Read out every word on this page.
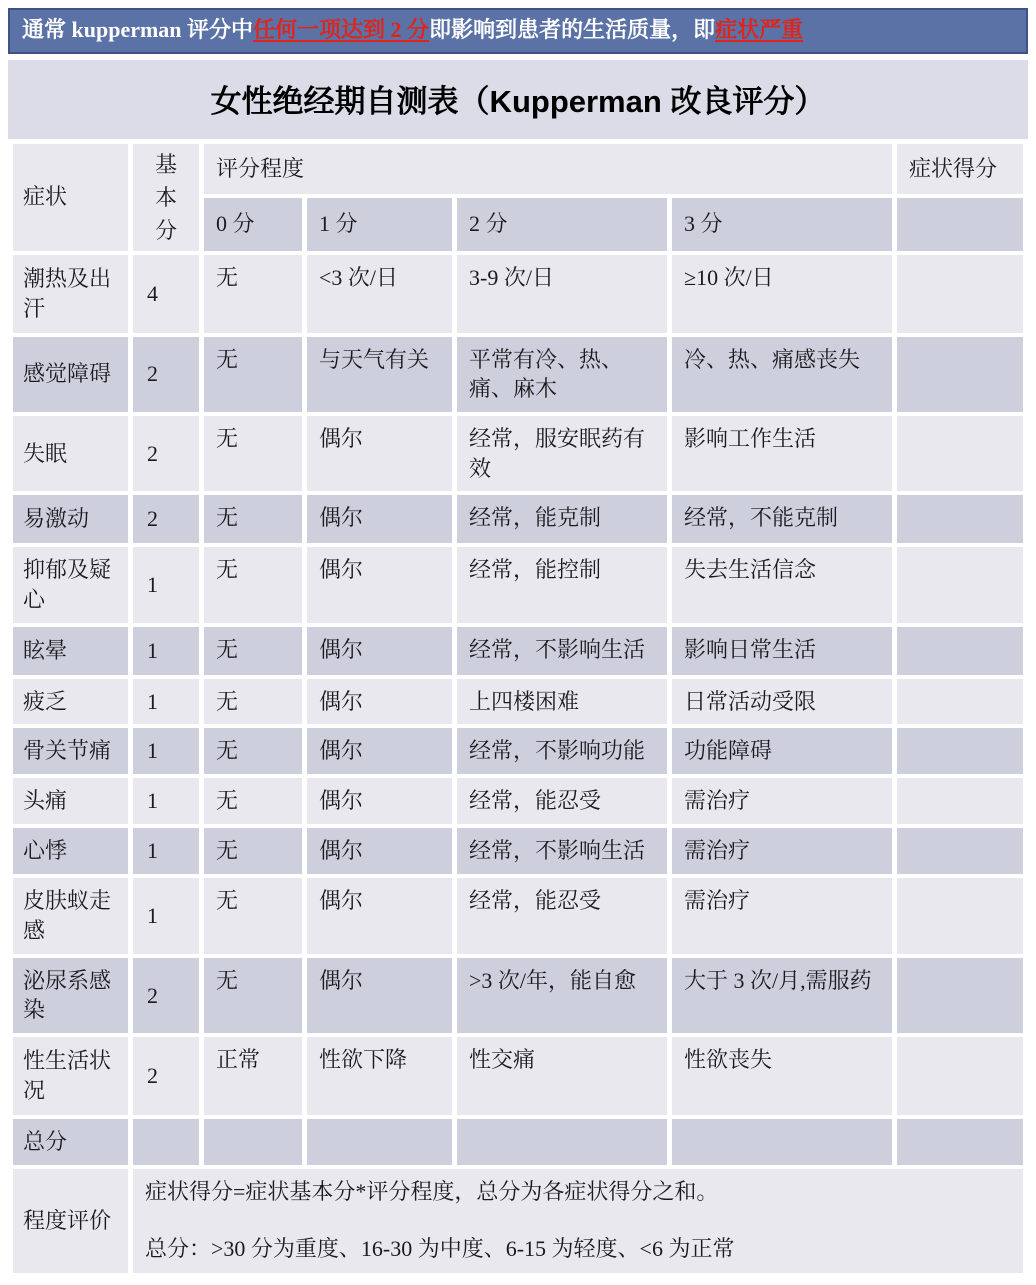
通常 kupperman 评分中任何一项达到 2 分即影响到患者的生活质量，即症状严重
女性绝经期自测表（Kupperman 改良评分）
症状	基本分	评分程度				症状得分
		0 分	1 分	2 分	3 分	
潮热及出汗	4	无	<3 次/日	3-9 次/日	≥10 次/日	
感觉障碍	2	无	与天气有关	平常有冷、热、痛、麻木	冷、热、痛感丧失	
失眠	2	无	偶尔	经常，服安眠药有效	影响工作生活	
易激动	2	无	偶尔	经常，能克制	经常，不能克制	
抑郁及疑心	1	无	偶尔	经常，能控制	失去生活信念	
眩晕	1	无	偶尔	经常，不影响生活	影响日常生活	
疲乏	1	无	偶尔	上四楼困难	日常活动受限	
骨关节痛	1	无	偶尔	经常，不影响功能	功能障碍	
头痛	1	无	偶尔	经常，能忍受	需治疗	
心悸	1	无	偶尔	经常，不影响生活	需治疗	
皮肤蚁走感	1	无	偶尔	经常，能忍受	需治疗	
泌尿系感染	2	无	偶尔	>3 次/年，能自愈	大于 3 次/月,需服药	
性生活状况	2	正常	性欲下降	性交痛	性欲丧失	
总分						
程度评价	症状得分=症状基本分*评分程度，总分为各症状得分之和。
总分：>30 分为重度、16-30 为中度、6-15 为轻度、<6 为正常					
